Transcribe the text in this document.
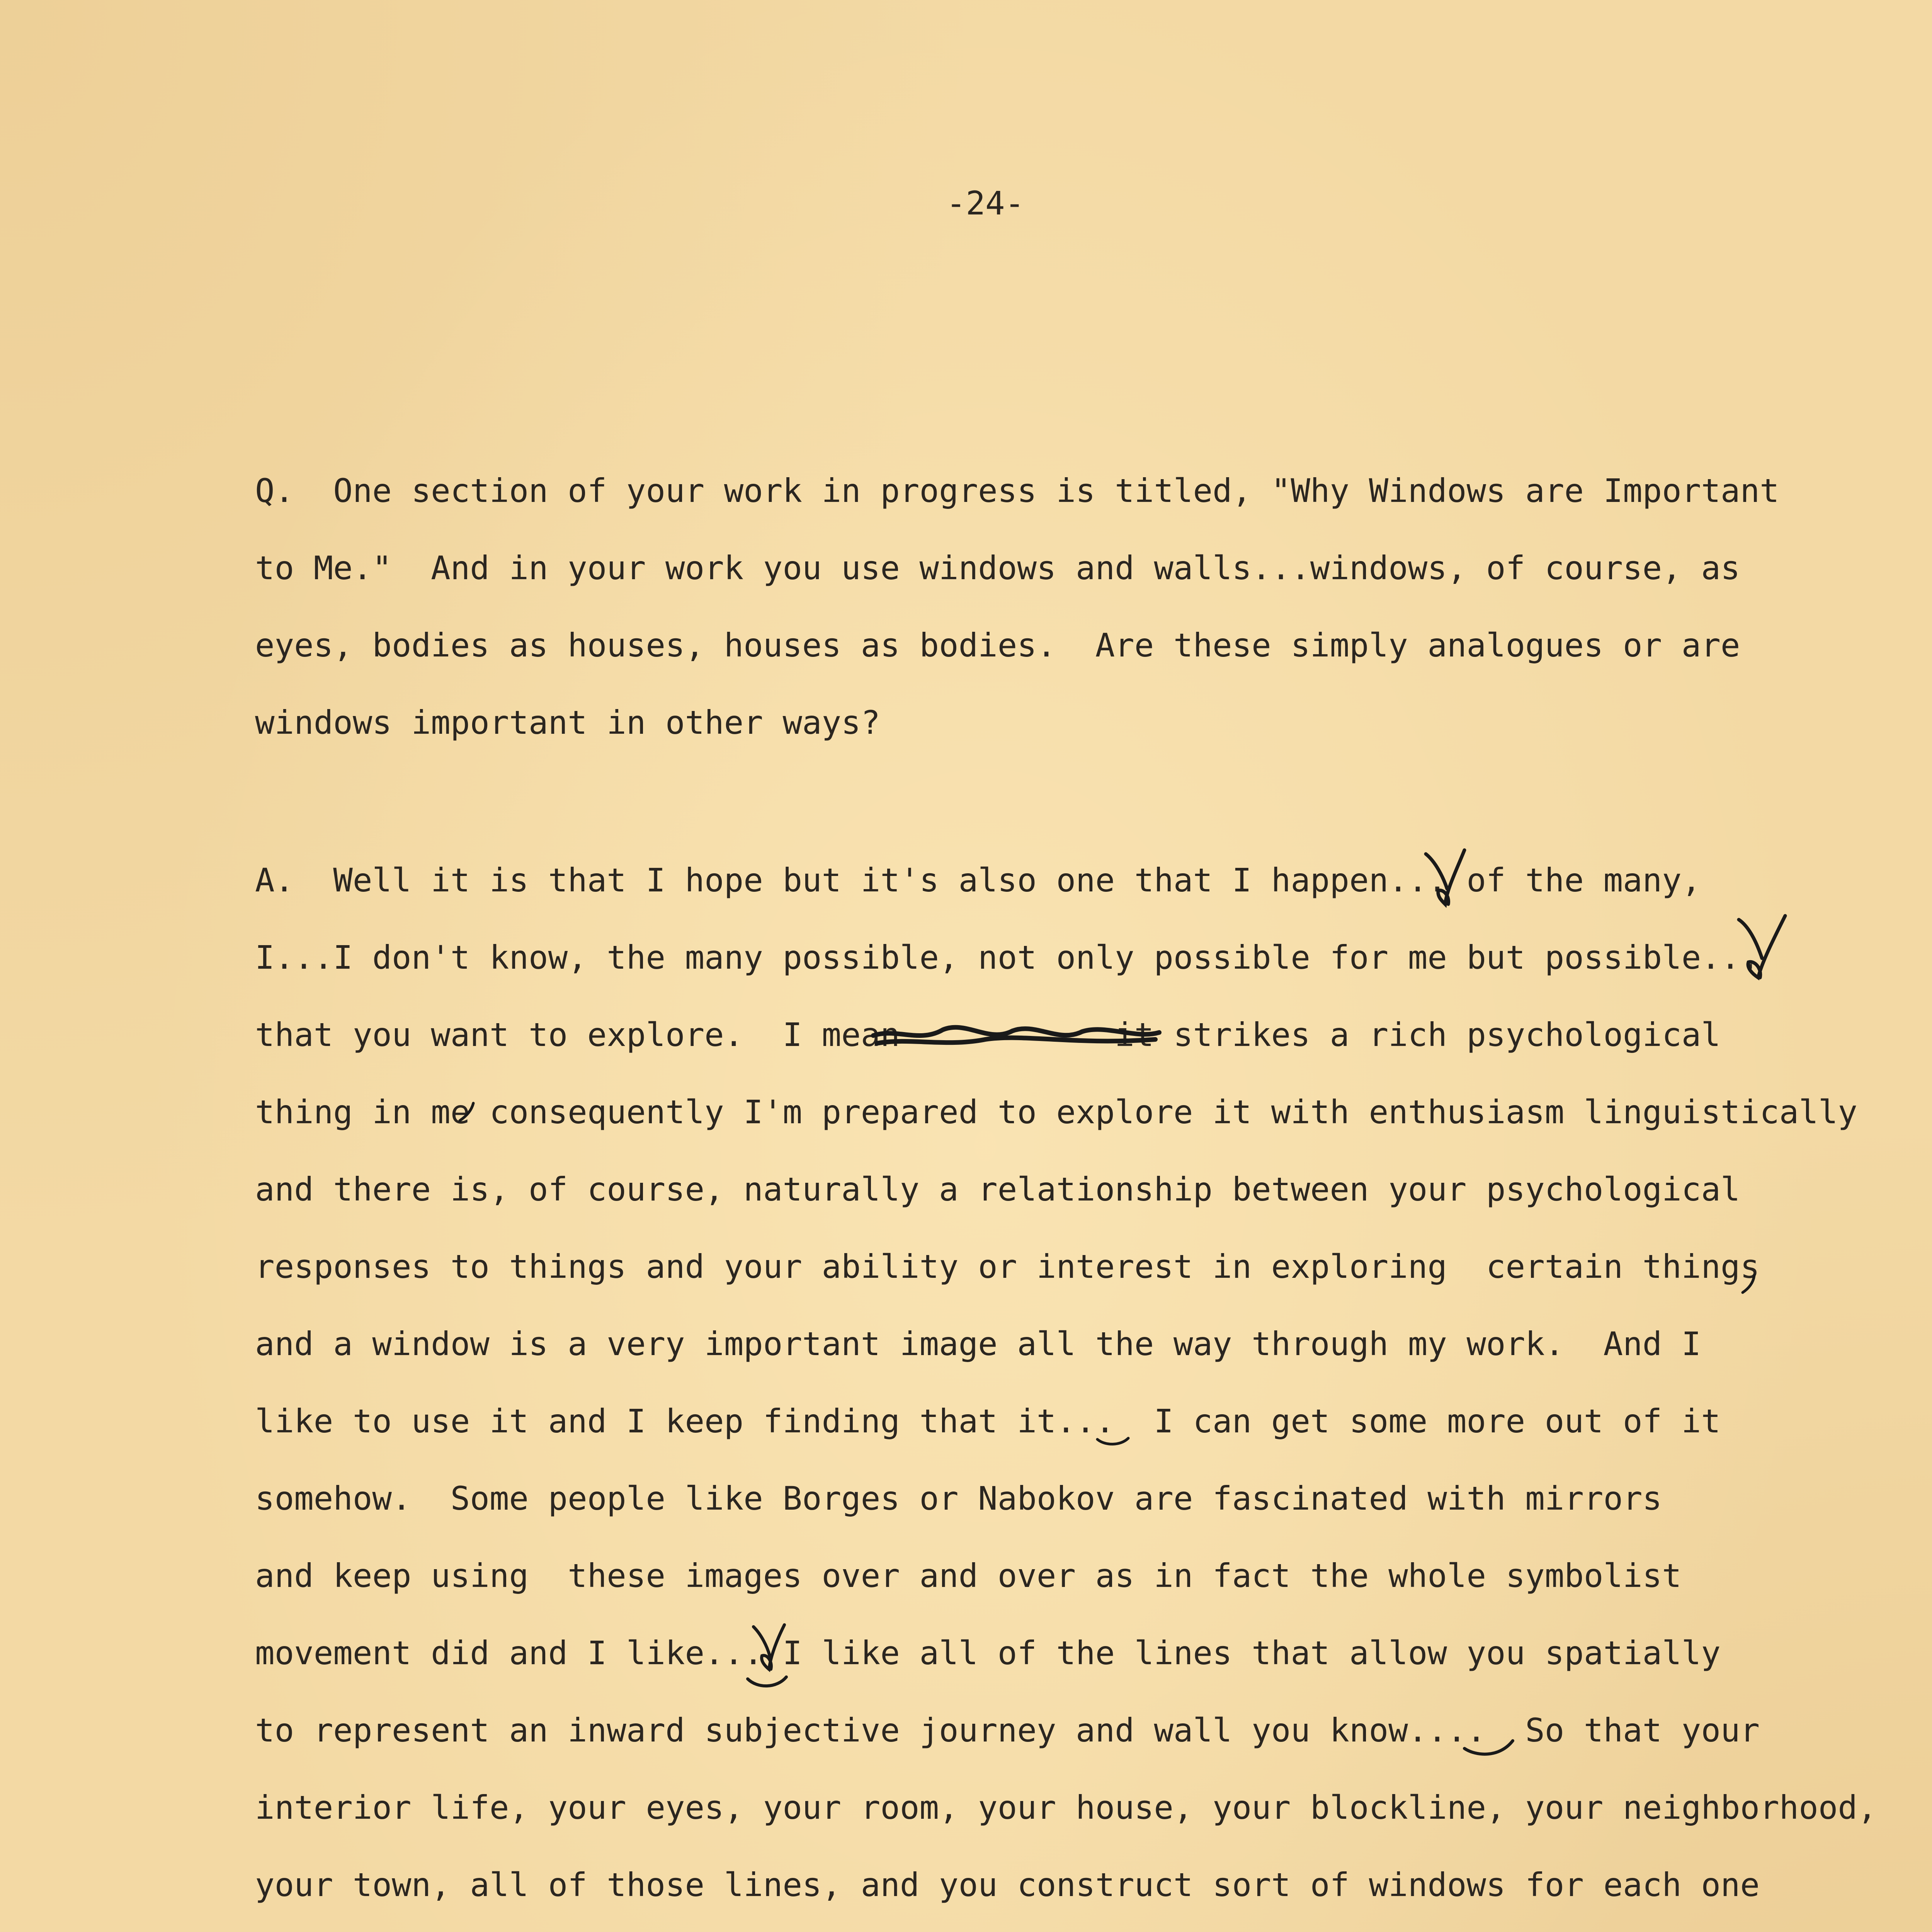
-24-
Q.  One section of your work in progress is titled, "Why Windows are Important
to Me."  And in your work you use windows and walls...windows, of course, as
eyes, bodies as houses, houses as bodies.  Are these simply analogues or are
windows important in other ways?
A.  Well it is that I hope but it's also one that I happen... of the many,
I...I don't know, the many possible, not only possible for me but possible...
that you want to explore.  I mean           it strikes a rich psychological
thing in me consequently I'm prepared to explore it with enthusiasm linguistically
and there is, of course, naturally a relationship between your psychological
responses to things and your ability or interest in exploring  certain things
and a window is a very important image all the way through my work.  And I
like to use it and I keep finding that it...  I can get some more out of it
somehow.  Some people like Borges or Nabokov are fascinated with mirrors
and keep using  these images over and over as in fact the whole symbolist
movement did and I like... I like all of the lines that allow you spatially
to represent an inward subjective journey and wall you know....  So that your
interior life, your eyes, your room, your house, your blockline, your neighborhood,
your town, all of those lines, and you construct sort of windows for each one
